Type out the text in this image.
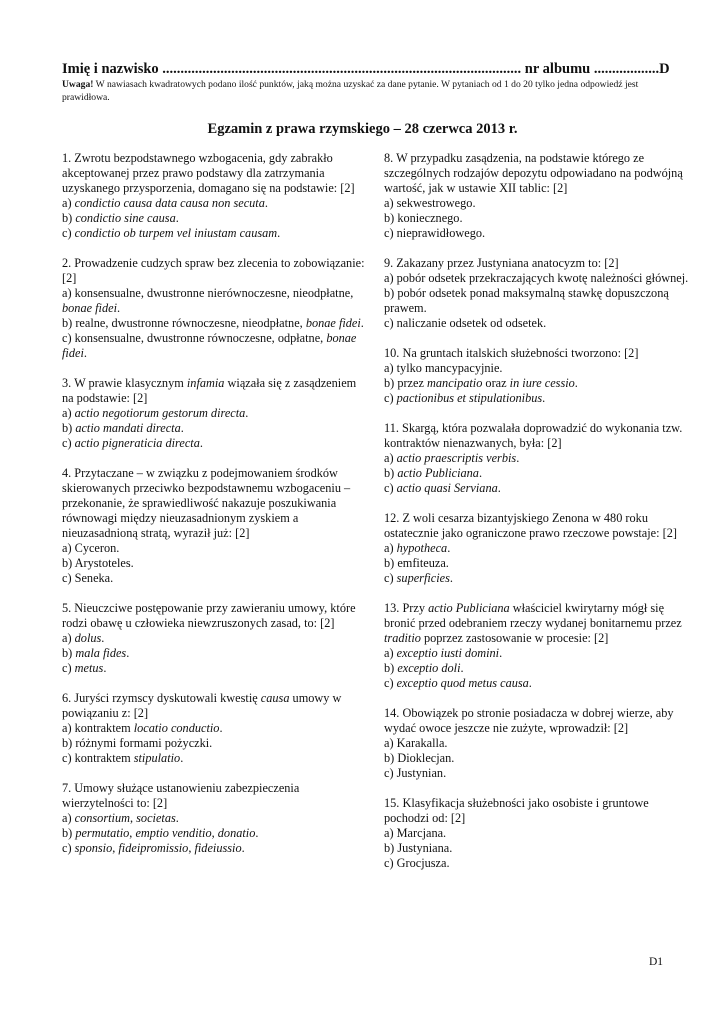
Imię i nazwisko ................................................................................................... nr albumu ..................D
Uwaga! W nawiasach kwadratowych podano ilość punktów, jaką można uzyskać za dane pytanie. W pytaniach od 1 do 20 tylko jedna odpowiedź jest prawidłowa.
Egzamin z prawa rzymskiego – 28 czerwca 2013 r.
1. Zwrotu bezpodstawnego wzbogacenia, gdy zabrakło akceptowanej przez prawo podstawy dla zatrzymania uzyskanego przysporzenia, domagano się na podstawie: [2]
a) condictio causa data causa non secuta.
b) condictio sine causa.
c) condictio ob turpem vel iniustam causam.
2. Prowadzenie cudzych spraw bez zlecenia to zobowiązanie: [2]
a) konsensualne, dwustronne nierównoczesne, nieodpłatne, bonae fidei.
b) realne, dwustronne równoczesne, nieodpłatne, bonae fidei.
c) konsensualne, dwustronne równoczesne, odpłatne, bonae fidei.
3. W prawie klasycznym infamia wiązała się z zasądzeniem na podstawie: [2]
a) actio negotiorum gestorum directa.
b) actio mandati directa.
c) actio pigneraticia directa.
4. Przytaczane – w związku z podejmowaniem środków skierowanych przeciwko bezpodstawnemu wzbogaceniu – przekonanie, że sprawiedliwość nakazuje poszukiwania równowagi między nieuzasadnionym zyskiem a nieuzasadnioną stratą, wyraził już: [2]
a) Cyceron.
b) Arystoteles.
c) Seneka.
5. Nieuczciwe postępowanie przy zawieraniu umowy, które rodzi obawę u człowieka niewzruszonych zasad, to: [2]
a) dolus.
b) mala fides.
c) metus.
6. Juryści rzymscy dyskutowali kwestię causa umowy w powiązaniu z: [2]
a) kontraktem locatio conductio.
b) różnymi formami pożyczki.
c) kontraktem stipulatio.
7. Umowy służące ustanowieniu zabezpieczenia wierzytelności to: [2]
a) consortium, societas.
b) permutatio, emptio venditio, donatio.
c) sponsio, fideipromissio, fideiussio.
8. W przypadku zasądzenia, na podstawie którego ze szczególnych rodzajów depozytu odpowiadano na podwójną wartość, jak w ustawie XII tablic: [2]
a) sekwestrowego.
b) koniecznego.
c) nieprawidłowego.
9. Zakazany przez Justyniana anatocyzm to: [2]
a) pobór odsetek przekraczających kwotę należności głównej.
b) pobór odsetek ponad maksymalną stawkę dopuszczoną prawem.
c) naliczanie odsetek od odsetek.
10. Na gruntach italskich służebności tworzono: [2]
a) tylko mancypacyjnie.
b) przez mancipatio oraz in iure cessio.
c) pactionibus et stipulationibus.
11. Skargą, która pozwalała doprowadzić do wykonania tzw. kontraktów nienazwanych, była: [2]
a) actio praescriptis verbis.
b) actio Publiciana.
c) actio quasi Serviana.
12. Z woli cesarza bizantyjskiego Zenona w 480 roku ostatecznie jako ograniczone prawo rzeczowe powstaje: [2]
a) hypotheca.
b) emfiteuza.
c) superficies.
13. Przy actio Publiciana właściciel kwirytarny mógł się bronić przed odebraniem rzeczy wydanej bonitarnemu przez traditio poprzez zastosowanie w procesie: [2]
a) exceptio iusti domini.
b) exceptio doli.
c) exceptio quod metus causa.
14. Obowiązek po stronie posiadacza w dobrej wierze, aby wydać owoce jeszcze nie zużyte, wprowadził: [2]
a) Karakalla.
b) Dioklecjan.
c) Justynian.
15. Klasyfikacja służebności jako osobiste i gruntowe pochodzi od: [2]
a) Marcjana.
b) Justyniana.
c) Grocjusza.
D1
